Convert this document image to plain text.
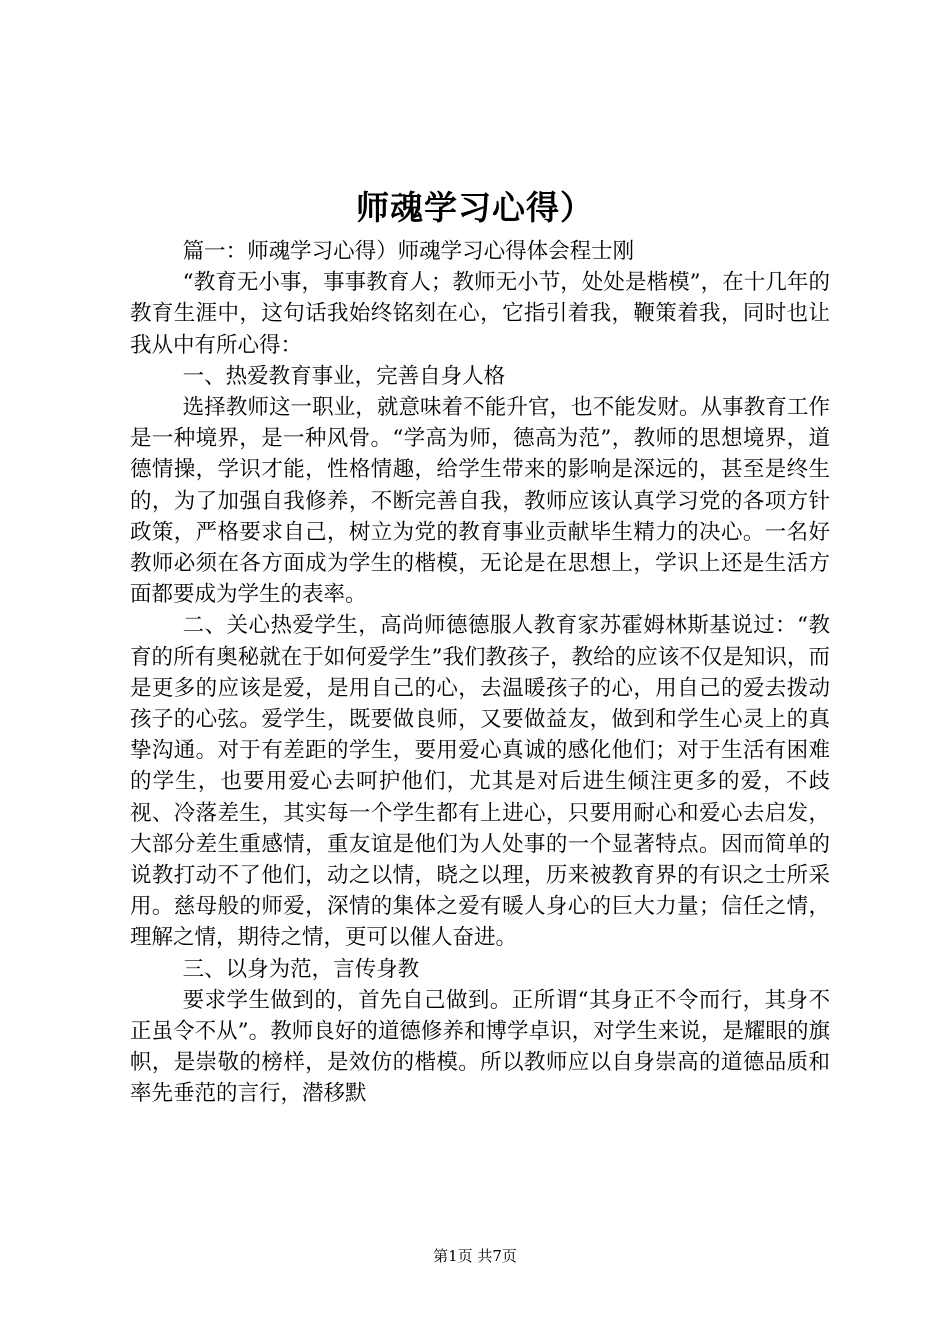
师魂学习心得）

篇一：师魂学习心得）师魂学习心得体会程士刚

“教育无小事，事事教育人；教师无小节，处处是楷模”，在十几年的教育生涯中，这句话我始终铭刻在心，它指引着我，鞭策着我，同时也让我从中有所心得：

一、热爱教育事业，完善自身人格

选择教师这一职业，就意味着不能升官，也不能发财。从事教育工作是一种境界，是一种风骨。“学高为师，德高为范”，教师的思想境界，道德情操，学识才能，性格情趣，给学生带来的影响是深远的，甚至是终生的，为了加强自我修养，不断完善自我，教师应该认真学习党的各项方针政策，严格要求自己，树立为党的教育事业贡献毕生精力的决心。一名好教师必须在各方面成为学生的楷模，无论是在思想上，学识上还是生活方面都要成为学生的表率。

二、关心热爱学生，高尚师德德服人教育家苏霍姆林斯基说过：“教育的所有奥秘就在于如何爱学生”我们教孩子，教给的应该不仅是知识，而是更多的应该是爱，是用自己的心，去温暖孩子的心，用自己的爱去拨动孩子的心弦。爱学生，既要做良师，又要做益友，做到和学生心灵上的真挚沟通。对于有差距的学生，要用爱心真诚的感化他们；对于生活有困难的学生，也要用爱心去呵护他们，尤其是对后进生倾注更多的爱，不歧视、冷落差生，其实每一个学生都有上进心，只要用耐心和爱心去启发，大部分差生重感情，重友谊是他们为人处事的一个显著特点。因而简单的说教打动不了他们，动之以情，晓之以理，历来被教育界的有识之士所采用。慈母般的师爱，深情的集体之爱有暖人身心的巨大力量；信任之情，理解之情，期待之情，更可以催人奋进。

三、以身为范，言传身教

要求学生做到的，首先自己做到。正所谓“其身正不令而行，其身不正虽令不从”。教师良好的道德修养和博学卓识，对学生来说，是耀眼的旗帜，是崇敬的榜样，是效仿的楷模。所以教师应以自身崇高的道德品质和率先垂范的言行，潜移默

第1页 共7页
